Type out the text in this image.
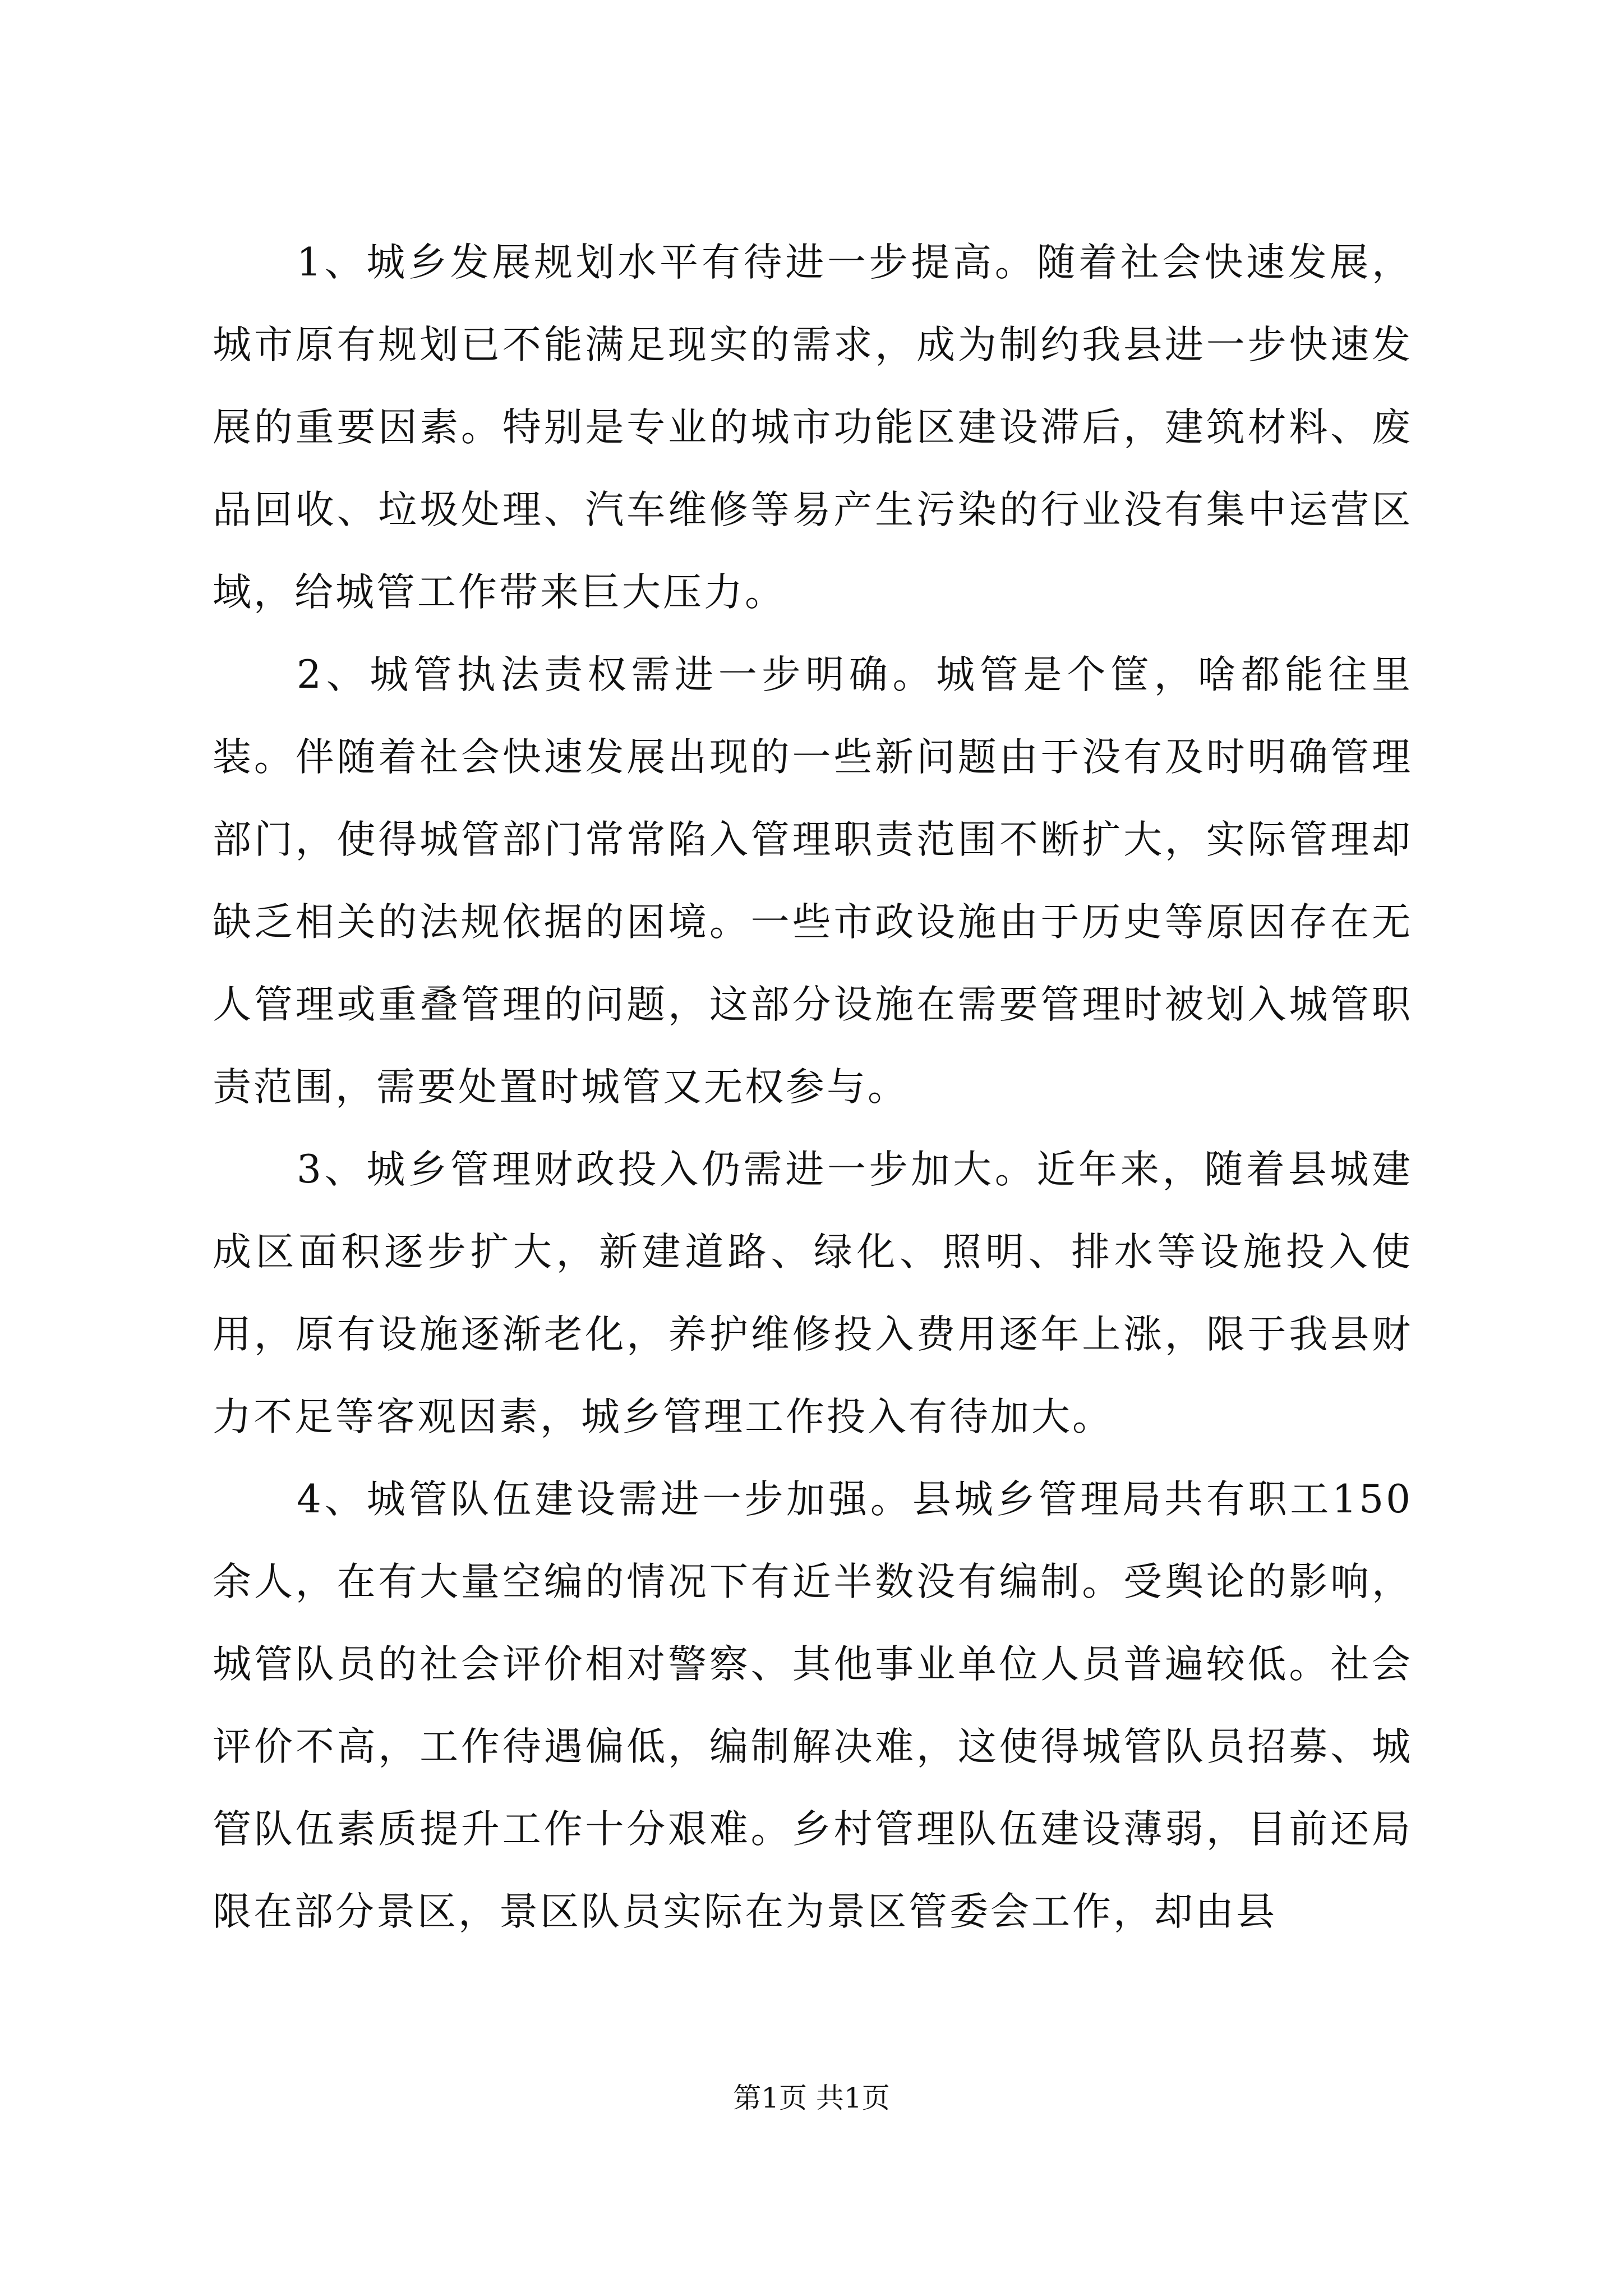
1、城乡发展规划水平有待进一步提高。随着社会快速发展，城市原有规划已不能满足现实的需求，成为制约我县进一步快速发展的重要因素。特别是专业的城市功能区建设滞后，建筑材料、废品回收、垃圾处理、汽车维修等易产生污染的行业没有集中运营区域，给城管工作带来巨大压力。

2、城管执法责权需进一步明确。城管是个筐，啥都能往里装。伴随着社会快速发展出现的一些新问题由于没有及时明确管理部门，使得城管部门常常陷入管理职责范围不断扩大，实际管理却缺乏相关的法规依据的困境。一些市政设施由于历史等原因存在无人管理或重叠管理的问题，这部分设施在需要管理时被划入城管职责范围，需要处置时城管又无权参与。

3、城乡管理财政投入仍需进一步加大。近年来，随着县城建成区面积逐步扩大，新建道路、绿化、照明、排水等设施投入使用，原有设施逐渐老化，养护维修投入费用逐年上涨，限于我县财力不足等客观因素，城乡管理工作投入有待加大。

4、城管队伍建设需进一步加强。县城乡管理局共有职工150余人，在有大量空编的情况下有近半数没有编制。受舆论的影响，城管队员的社会评价相对警察、其他事业单位人员普遍较低。社会评价不高，工作待遇偏低，编制解决难，这使得城管队员招募、城管队伍素质提升工作十分艰难。乡村管理队伍建设薄弱，目前还局限在部分景区，景区队员实际在为景区管委会工作，却由县

第1页 共1页
